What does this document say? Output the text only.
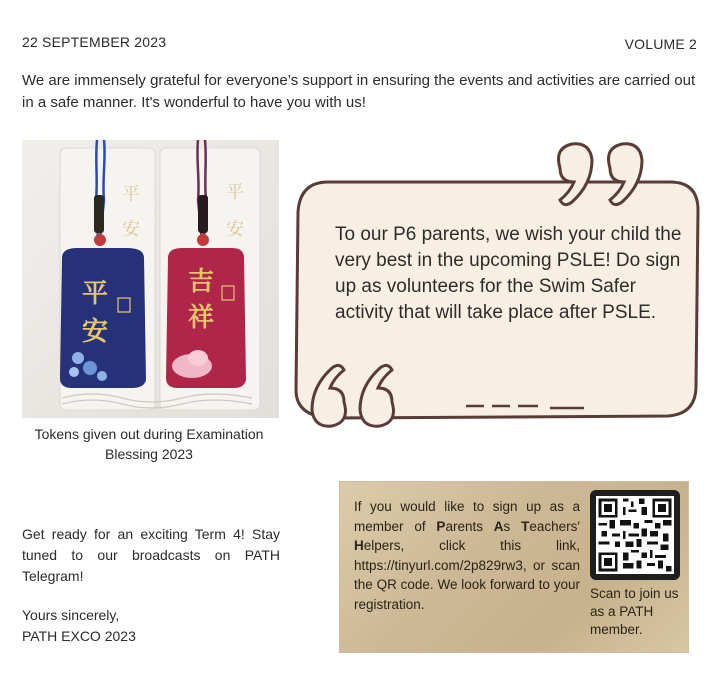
22 SEPTEMBER 2023	VOLUME 2
We are immensely grateful for everyone’s support in ensuring the events and activities are carried out in a safe manner. It's wonderful to have you with us!
平
安
平
安
平
安
吉
祥
Tokens given out during Examination Blessing 2023
To our P6 parents, we wish your child the very best in the upcoming PSLE! Do sign up as volunteers for the Swim Safer activity that will take place after PSLE.

Get ready for an exciting Term 4! Stay tuned to our broadcasts on PATH Telegram!

Yours sincerely,
PATH EXCO 2023
If you would like to sign up as a member of Parents As Teachers' Helpers, click this link, https://tinyurl.com/2p829rw3, or scan the QR code. We look forward to your registration.
Scan to join us as a PATH member.
